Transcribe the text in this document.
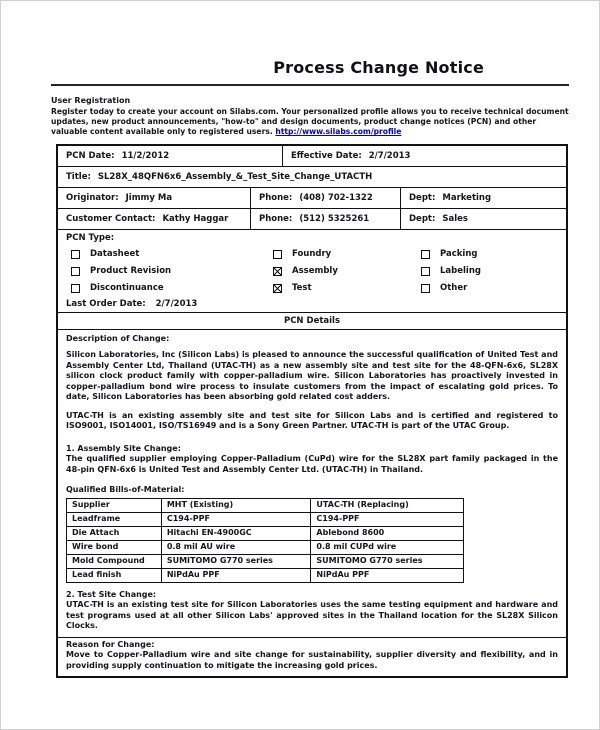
Process Change Notice
User Registration
Register today to create your account on Silabs.com. Your personalized profile allows you to receive technical document updates, new product announcements, "how-to" and design documents, product change notices (PCN) and other valuable content available only to registered users. http://www.silabs.com/profile
PCN Date: 11/2/2012	Effective Date: 2/7/2013
Title: SL28X_48QFN6x6_Assembly_&_Test_Site_Change_UTACTH
Originator: Jimmy Ma	Phone: (408) 702-1322	Dept: Marketing
Customer Contact: Kathy Haggar	Phone: (512) 5325261	Dept: Sales
PCN Type:
Datasheet	Foundry	Packing
Product Revision	Assembly	Labeling
Discontinuance	Test	Other
Last Order Date: 2/7/2013
PCN Details
Description of Change:

Silicon Laboratories, Inc (Silicon Labs) is pleased to announce the successful qualification of United Test and Assembly Center Ltd, Thailand (UTAC-TH) as a new assembly site and test site for the 48-QFN-6x6, SL28X silicon clock product family with copper-palladium wire. Silicon Laboratories has proactively invested in copper-palladium bond wire process to insulate customers from the impact of escalating gold prices. To date, Silicon Laboratories has been absorbing gold related cost adders.

UTAC-TH is an existing assembly site and test site for Silicon Labs and is certified and registered to ISO9001, ISO14001, ISO/TS16949 and is a Sony Green Partner. UTAC-TH is part of the UTAC Group.

1. Assembly Site Change:

The qualified supplier employing Copper-Palladium (CuPd) wire for the SL28X part family packaged in the 48-pin QFN-6x6 is United Test and Assembly Center Ltd. (UTAC-TH) in Thailand.

Qualified Bills-of-Material:
Supplier	MHT (Existing)	UTAC-TH (Replacing)
Leadframe	C194-PPF	C194-PPF
Die Attach	Hitachi EN-4900GC	Ablebond 8600
Wire bond	0.8 mil AU wire	0.8 mil CUPd wire
Mold Compound	SUMITOMO G770 series	SUMITOMO G770 series
Lead finish	NiPdAu PPF	NiPdAu PPF
2. Test Site Change:

UTAC-TH is an existing test site for Silicon Laboratories uses the same testing equipment and hardware and test programs used at all other Silicon Labs' approved sites in the Thailand location for the SL28X Silicon Clocks.

Reason for Change:

Move to Copper-Palladium wire and site change for sustainability, supplier diversity and flexibility, and in providing supply continuation to mitigate the increasing gold prices.
